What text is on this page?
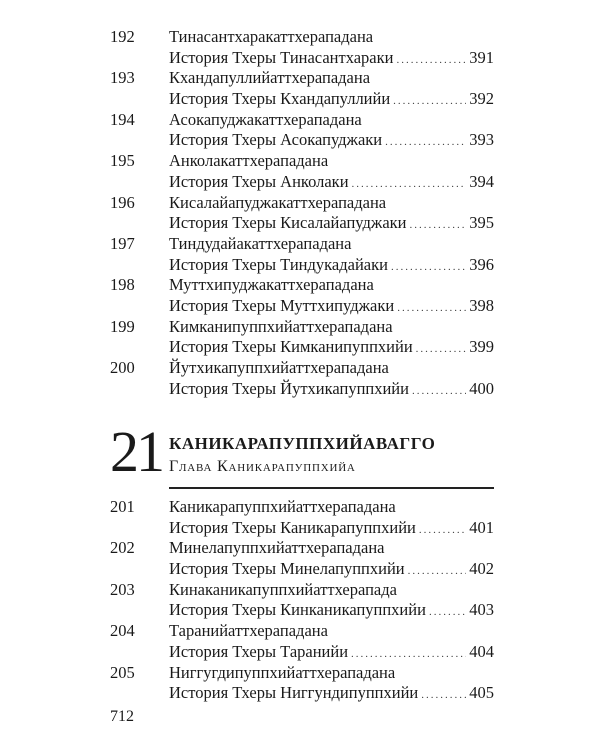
192 Тинасантхаракаттхерападана
История Тхеры Тинасантхараки .....	391
193 Кхандапуллийаттхерападана
История Тхеры Кхандапуллийи .....	392
194 Асокапуджакаттхерападана
История Тхеры Асокапуджаки .....	393
195 Анколакаттхерападана
История Тхеры Анколаки .....	394
196 Кисалайапуджакаттхерападана
История Тхеры Кисалайапуджаки .....	395
197 Тиндудайакаттхерападана
История Тхеры Тиндукадайаки .....	396
198 Муттхипуджакаттхерападана
История Тхеры Муттхипуджаки .....	398
199 Кимканипуппхийаттхерападана
История Тхеры Кимканипуппхийи .....	399
200 Йутхикапуппхийаттхерападана
История Тхеры Йутхикапуппхийи .....	400
21 КАНИКАРАПУППХИЙАВАГГО
Глава Каникарапуппхийа
201 Каникарапуппхийаттхерападана
История Тхеры Каникарапуппхийи .....	401
202 Минелапуппхийаттхерападана
История Тхеры Минелапуппхийи .....	402
203 Кинаканикапуппхийаттхерапада
История Тхеры Кинканикапуппхийи .....	403
204 Таранийаттхерападана
История Тхеры Таранийи .....	404
205 Ниггугдипуппхийаттхерападана
История Тхеры Ниггундипуппхийи .....	405
712
